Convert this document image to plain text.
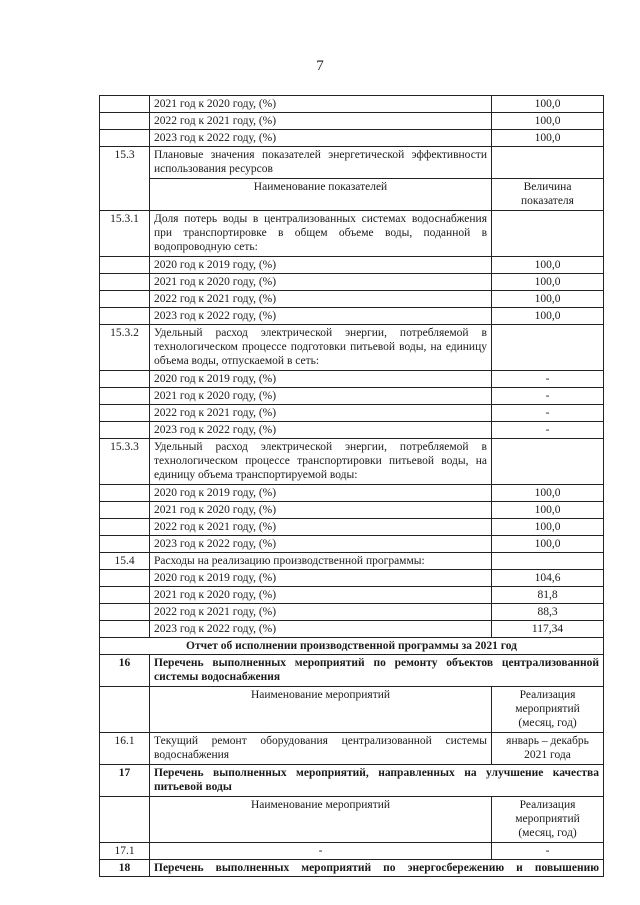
7
	2021 год к 2020 году, (%)	100,0
	2022 год к 2021 году, (%)	100,0
	2023 год к 2022 году, (%)	100,0
15.3	Плановые значения показателей энергетической эффективности использования ресурсов	
	Наименование показателей	Величина показателя
15.3.1	Доля потерь воды в централизованных системах водоснабжения при транспортировке в общем объеме воды, поданной в водопроводную сеть:	
	2020 год к 2019 году, (%)	100,0
	2021 год к 2020 году, (%)	100,0
	2022 год к 2021 году, (%)	100,0
	2023 год к 2022 году, (%)	100,0
15.3.2	Удельный расход электрической энергии, потребляемой в технологическом процессе подготовки питьевой воды, на единицу объема воды, отпускаемой в сеть:	
	2020 год к 2019 году, (%)	-
	2021 год к 2020 году, (%)	-
	2022 год к 2021 году, (%)	-
	2023 год к 2022 году, (%)	-
15.3.3	Удельный расход электрической энергии, потребляемой в технологическом процессе транспортировки питьевой воды, на единицу объема транспортируемой воды:	
	2020 год к 2019 году, (%)	100,0
	2021 год к 2020 году, (%)	100,0
	2022 год к 2021 году, (%)	100,0
	2023 год к 2022 году, (%)	100,0
15.4	Расходы на реализацию производственной программы:	
	2020 год к 2019 году, (%)	104,6
	2021 год к 2020 году, (%)	81,8
	2022 год к 2021 году, (%)	88,3
	2023 год к 2022 году, (%)	117,34
Отчет об исполнении производственной программы за 2021 год		
16	Перечень выполненных мероприятий по ремонту объектов централизованной системы водоснабжения	
	Наименование мероприятий	Реализация мероприятий (месяц, год)
16.1	Текущий ремонт оборудования централизованной системы водоснабжения	январь – декабрь 2021 года
17	Перечень выполненных мероприятий, направленных на улучшение качества питьевой воды	
	Наименование мероприятий	Реализация мероприятий (месяц, год)
17.1	-	-
18	Перечень выполненных мероприятий по энергосбережению и повышению	
